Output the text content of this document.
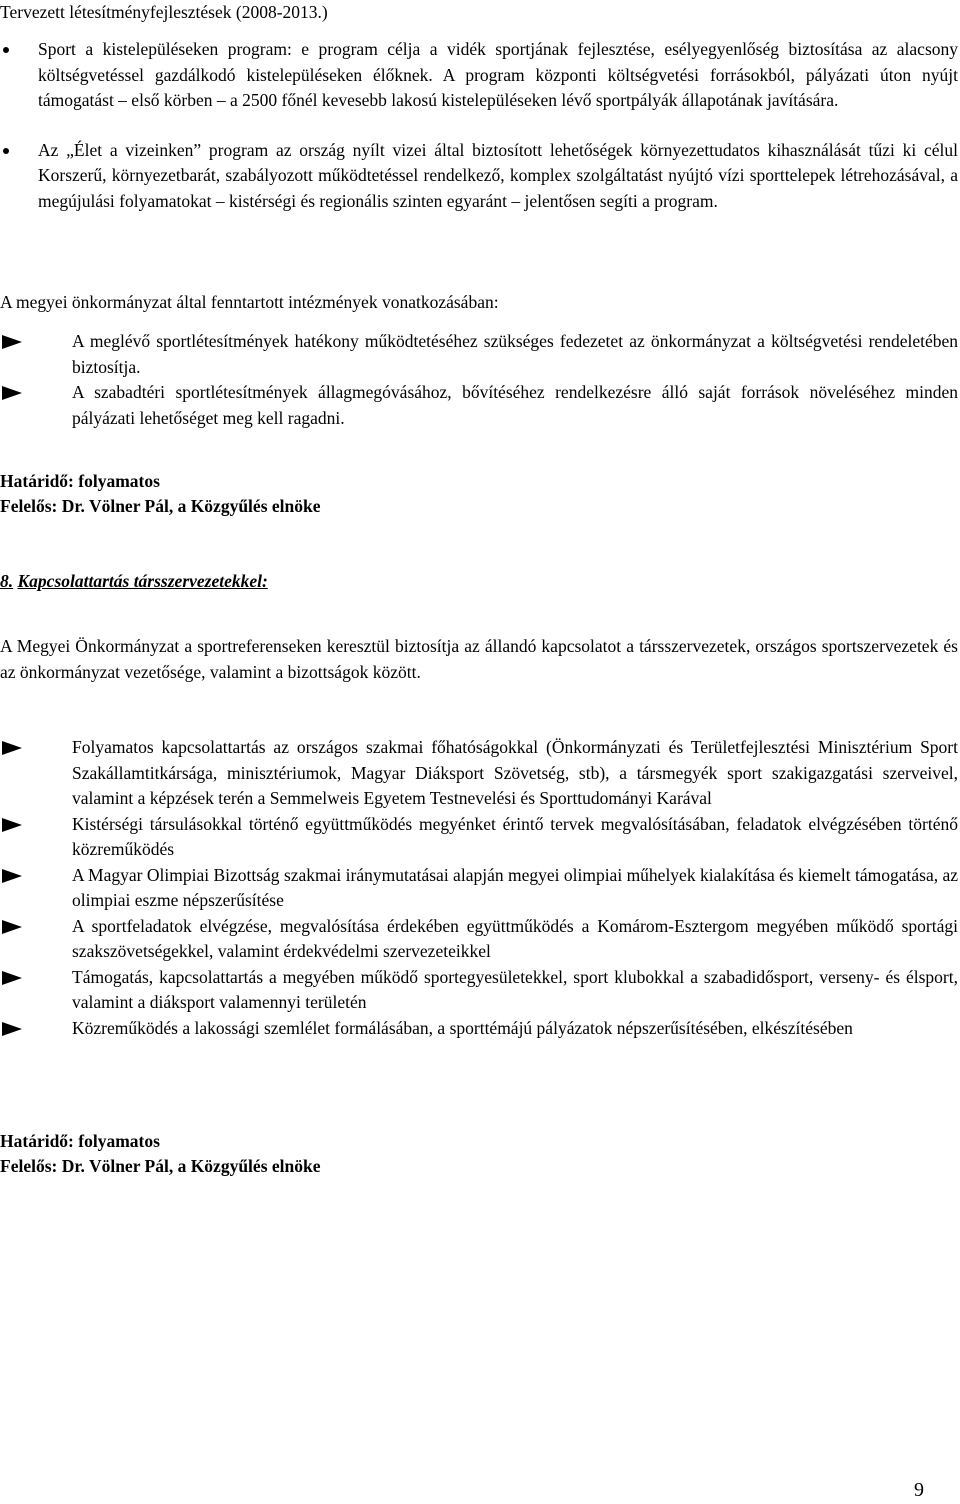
Tervezett létesítményfejlesztések (2008-2013.)

Sport a kistelepüléseken program: e program célja a vidék sportjának fejlesztése, esélyegyenlőség biztosítása az alacsony költségvetéssel gazdálkodó kistelepüléseken élőknek. A program központi költségvetési forrásokból, pályázati úton nyújt támogatást – első körben – a 2500 főnél kevesebb lakosú kistelepüléseken lévő sportpályák állapotának javítására.
Az „Élet a vizeinken” program az ország nyílt vizei által biztosított lehetőségek környezettudatos kihasználását tűzi ki célul Korszerű, környezetbarát, szabályozott működtetéssel rendelkező, komplex szolgáltatást nyújtó vízi sporttelepek létrehozásával, a megújulási folyamatokat – kistérségi és regionális szinten egyaránt – jelentősen segíti a program.

A megyei önkormányzat által fenntartott intézmények vonatkozásában:

A meglévő sportlétesítmények hatékony működtetéséhez szükséges fedezetet az önkormányzat a költségvetési rendeletében biztosítja.
A szabadtéri sportlétesítmények állagmegóvásához, bővítéséhez rendelkezésre álló saját források növeléséhez minden pályázati lehetőséget meg kell ragadni.

Határidő: folyamatos

Felelős: Dr. Völner Pál, a Közgyűlés elnöke

8. Kapcsolattartás társszervezetekkel:

A Megyei Önkormányzat a sportreferenseken keresztül biztosítja az állandó kapcsolatot a társszervezetek, országos sportszervezetek és az önkormányzat vezetősége, valamint a bizottságok között.

Folyamatos kapcsolattartás az országos szakmai főhatóságokkal (Önkormányzati és Területfejlesztési Minisztérium Sport Szakállamtitkársága, minisztériumok, Magyar Diáksport Szövetség, stb), a társmegyék sport szakigazgatási szerveivel, valamint a képzések terén a Semmelweis Egyetem Testnevelési és Sporttudományi Karával
Kistérségi társulásokkal történő együttműködés megyénket érintő tervek megvalósításában, feladatok elvégzésében történő közreműködés
A Magyar Olimpiai Bizottság szakmai iránymutatásai alapján megyei olimpiai műhelyek kialakítása és kiemelt támogatása, az olimpiai eszme népszerűsítése
A sportfeladatok elvégzése, megvalósítása érdekében együttműködés a Komárom-Esztergom megyében működő sportági szakszövetségekkel, valamint érdekvédelmi szervezeteikkel
Támogatás, kapcsolattartás a megyében működő sportegyesületekkel, sport klubokkal a szabadidősport, verseny- és élsport, valamint a diáksport valamennyi területén
Közreműködés a lakossági szemlélet formálásában, a sporttémájú pályázatok népszerűsítésében, elkészítésében

Határidő: folyamatos

Felelős: Dr. Völner Pál, a Közgyűlés elnöke

9
